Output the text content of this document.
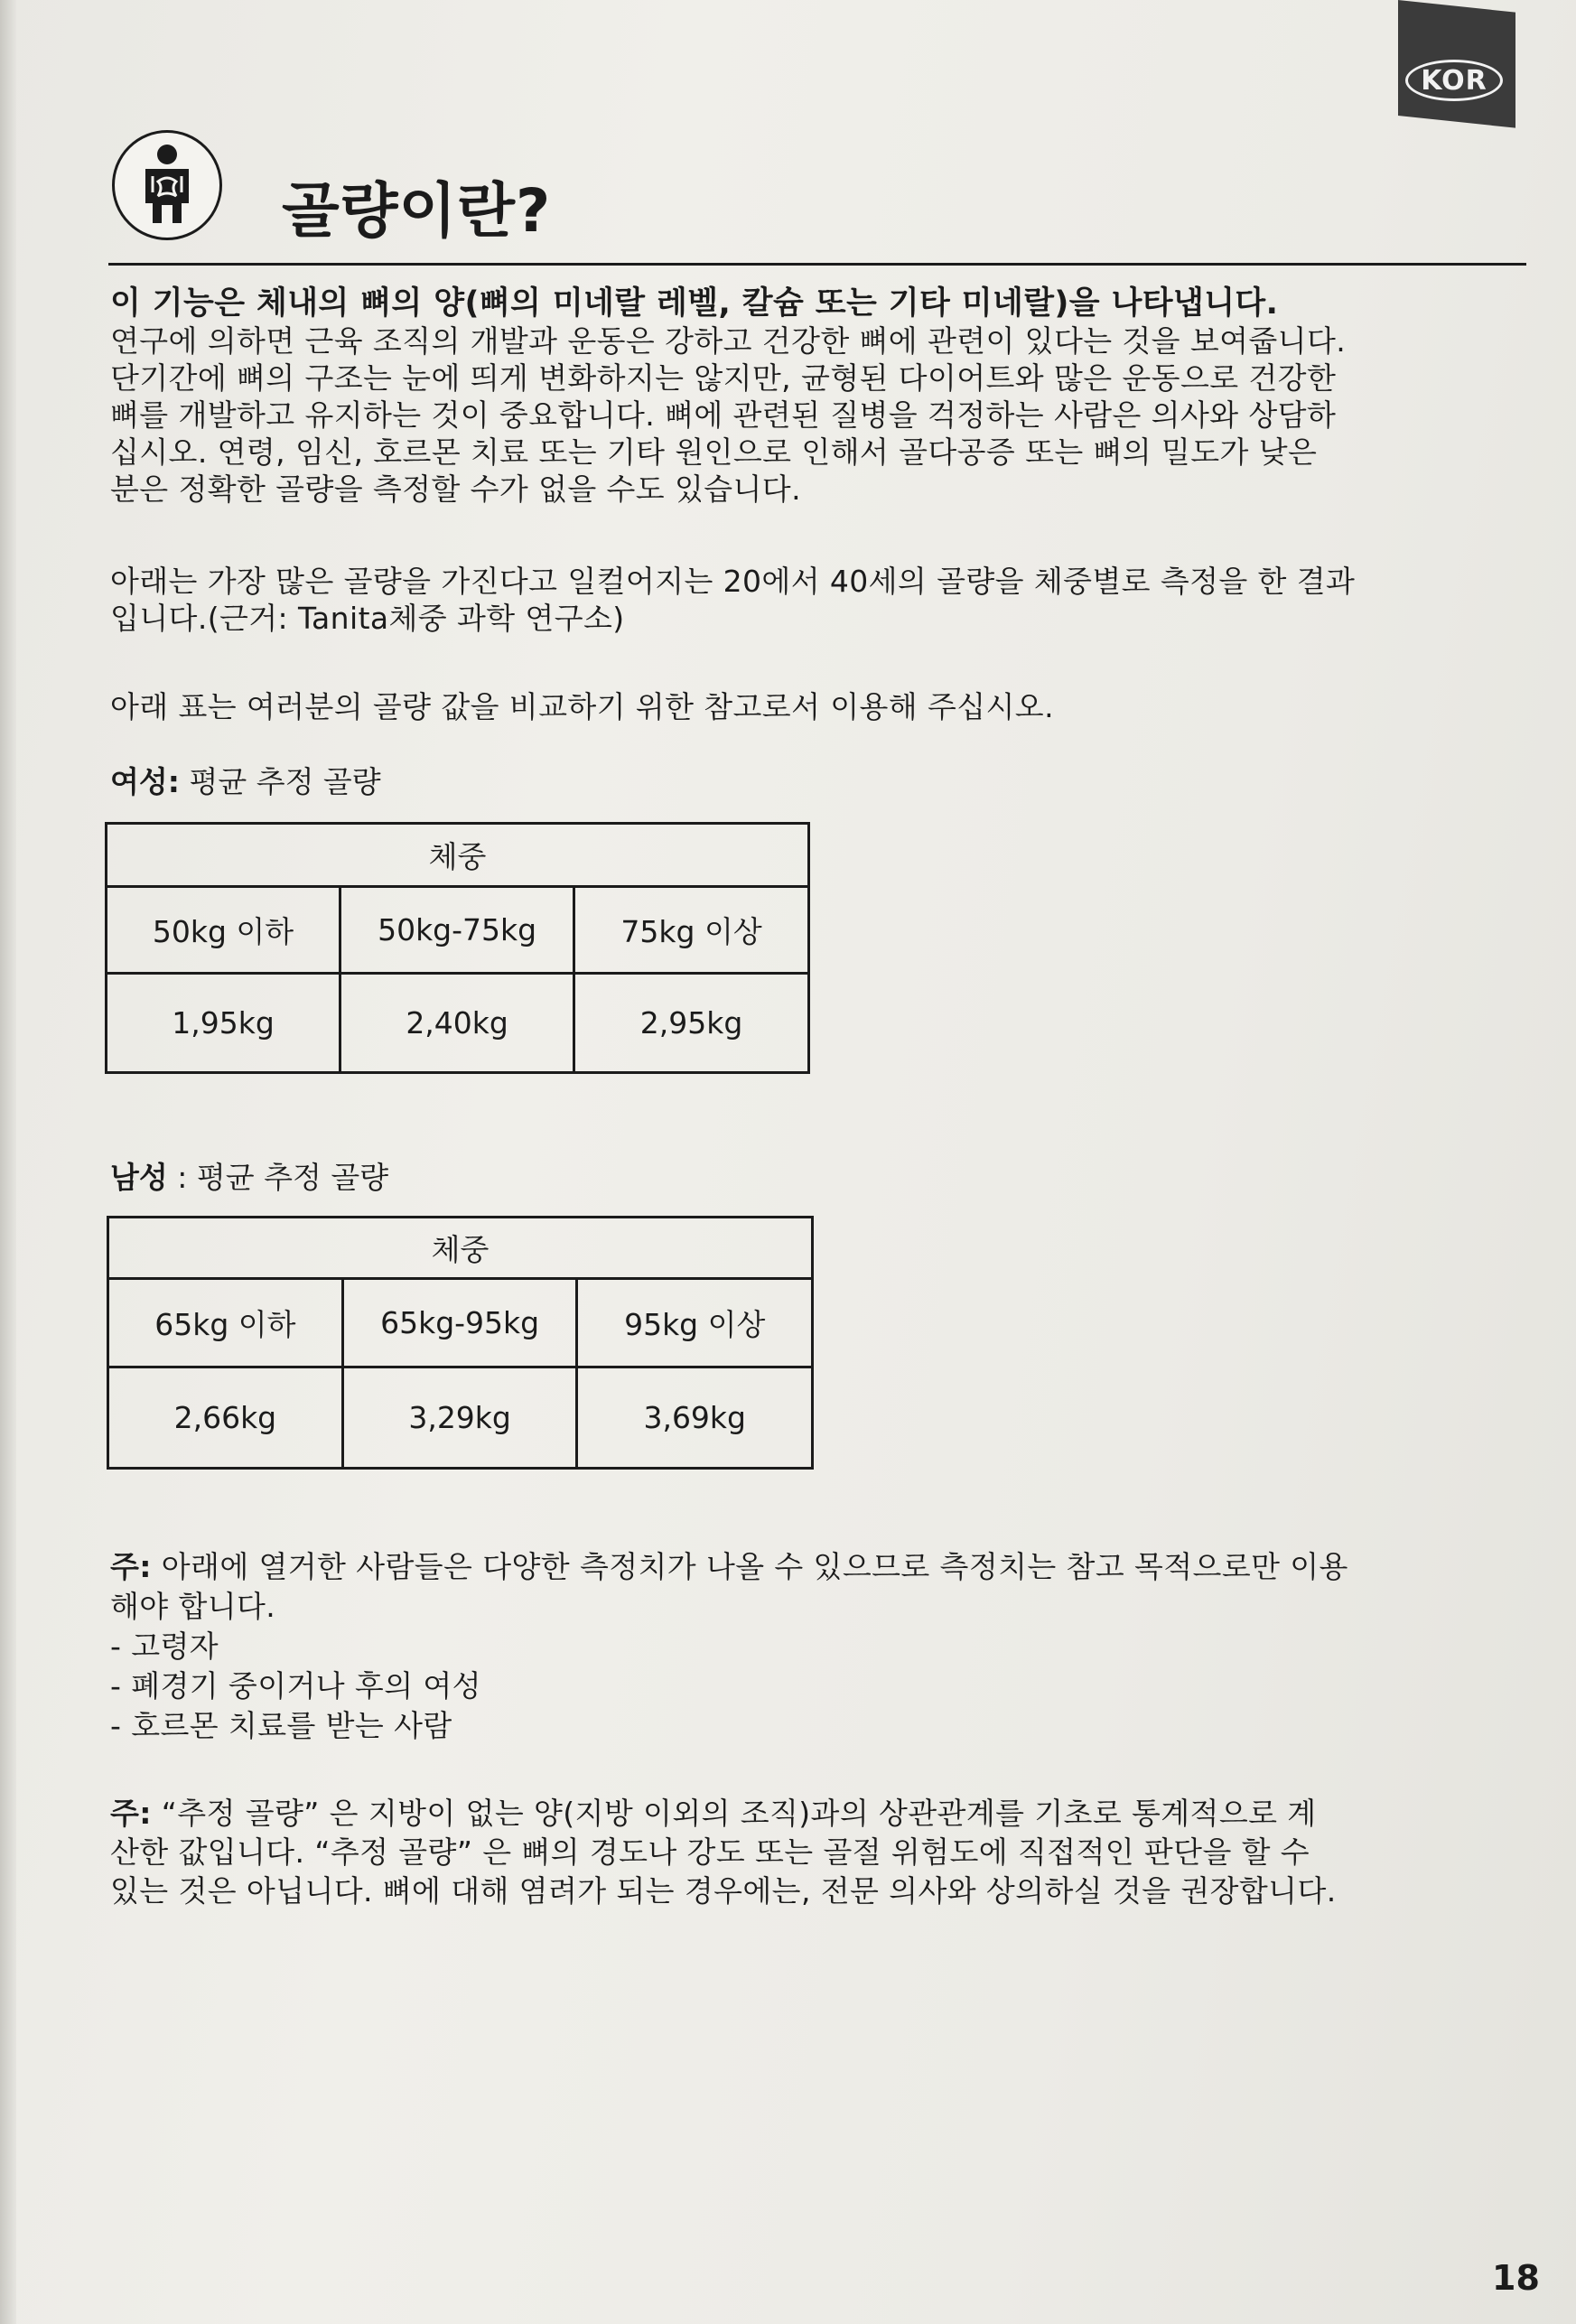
KOR
골량이란?

이 기능은 체내의 뼈의 양(뼈의 미네랄 레벨, 칼슘 또는 기타 미네랄)을 나타냅니다.

연구에 의하면 근육 조직의 개발과 운동은 강하고 건강한 뼈에 관련이 있다는 것을 보여줍니다.

단기간에 뼈의 구조는 눈에 띄게 변화하지는 않지만, 균형된 다이어트와 많은 운동으로 건강한

뼈를 개발하고 유지하는 것이 중요합니다. 뼈에 관련된 질병을 걱정하는 사람은 의사와 상담하

십시오. 연령, 임신, 호르몬 치료 또는 기타 원인으로 인해서 골다공증 또는 뼈의 밀도가 낮은

분은 정확한 골량을 측정할 수가 없을 수도 있습니다.

아래는 가장 많은 골량을 가진다고 일컬어지는 20에서 40세의 골량을 체중별로 측정을 한 결과

입니다.(근거: Tanita체중 과학 연구소)

아래 표는 여러분의 골량 값을 비교하기 위한 참고로서 이용해 주십시오.

여성: 평균 추정 골량
체중		
50kg 이하	50kg-75kg	75kg 이상
1,95kg	2,40kg	2,95kg
남성 : 평균 추정 골량
체중		
65kg 이하	65kg-95kg	95kg 이상
2,66kg	3,29kg	3,69kg

주: 아래에 열거한 사람들은 다양한 측정치가 나올 수 있으므로 측정치는 참고 목적으로만 이용

해야 합니다.

- 고령자

- 폐경기 중이거나 후의 여성

- 호르몬 치료를 받는 사람

주: “추정 골량” 은 지방이 없는 양(지방 이외의 조직)과의 상관관계를 기초로 통계적으로 계

산한 값입니다. “추정 골량” 은 뼈의 경도나 강도 또는 골절 위험도에 직접적인 판단을 할 수

있는 것은 아닙니다. 뼈에 대해 염려가 되는 경우에는, 전문 의사와 상의하실 것을 권장합니다.

18
